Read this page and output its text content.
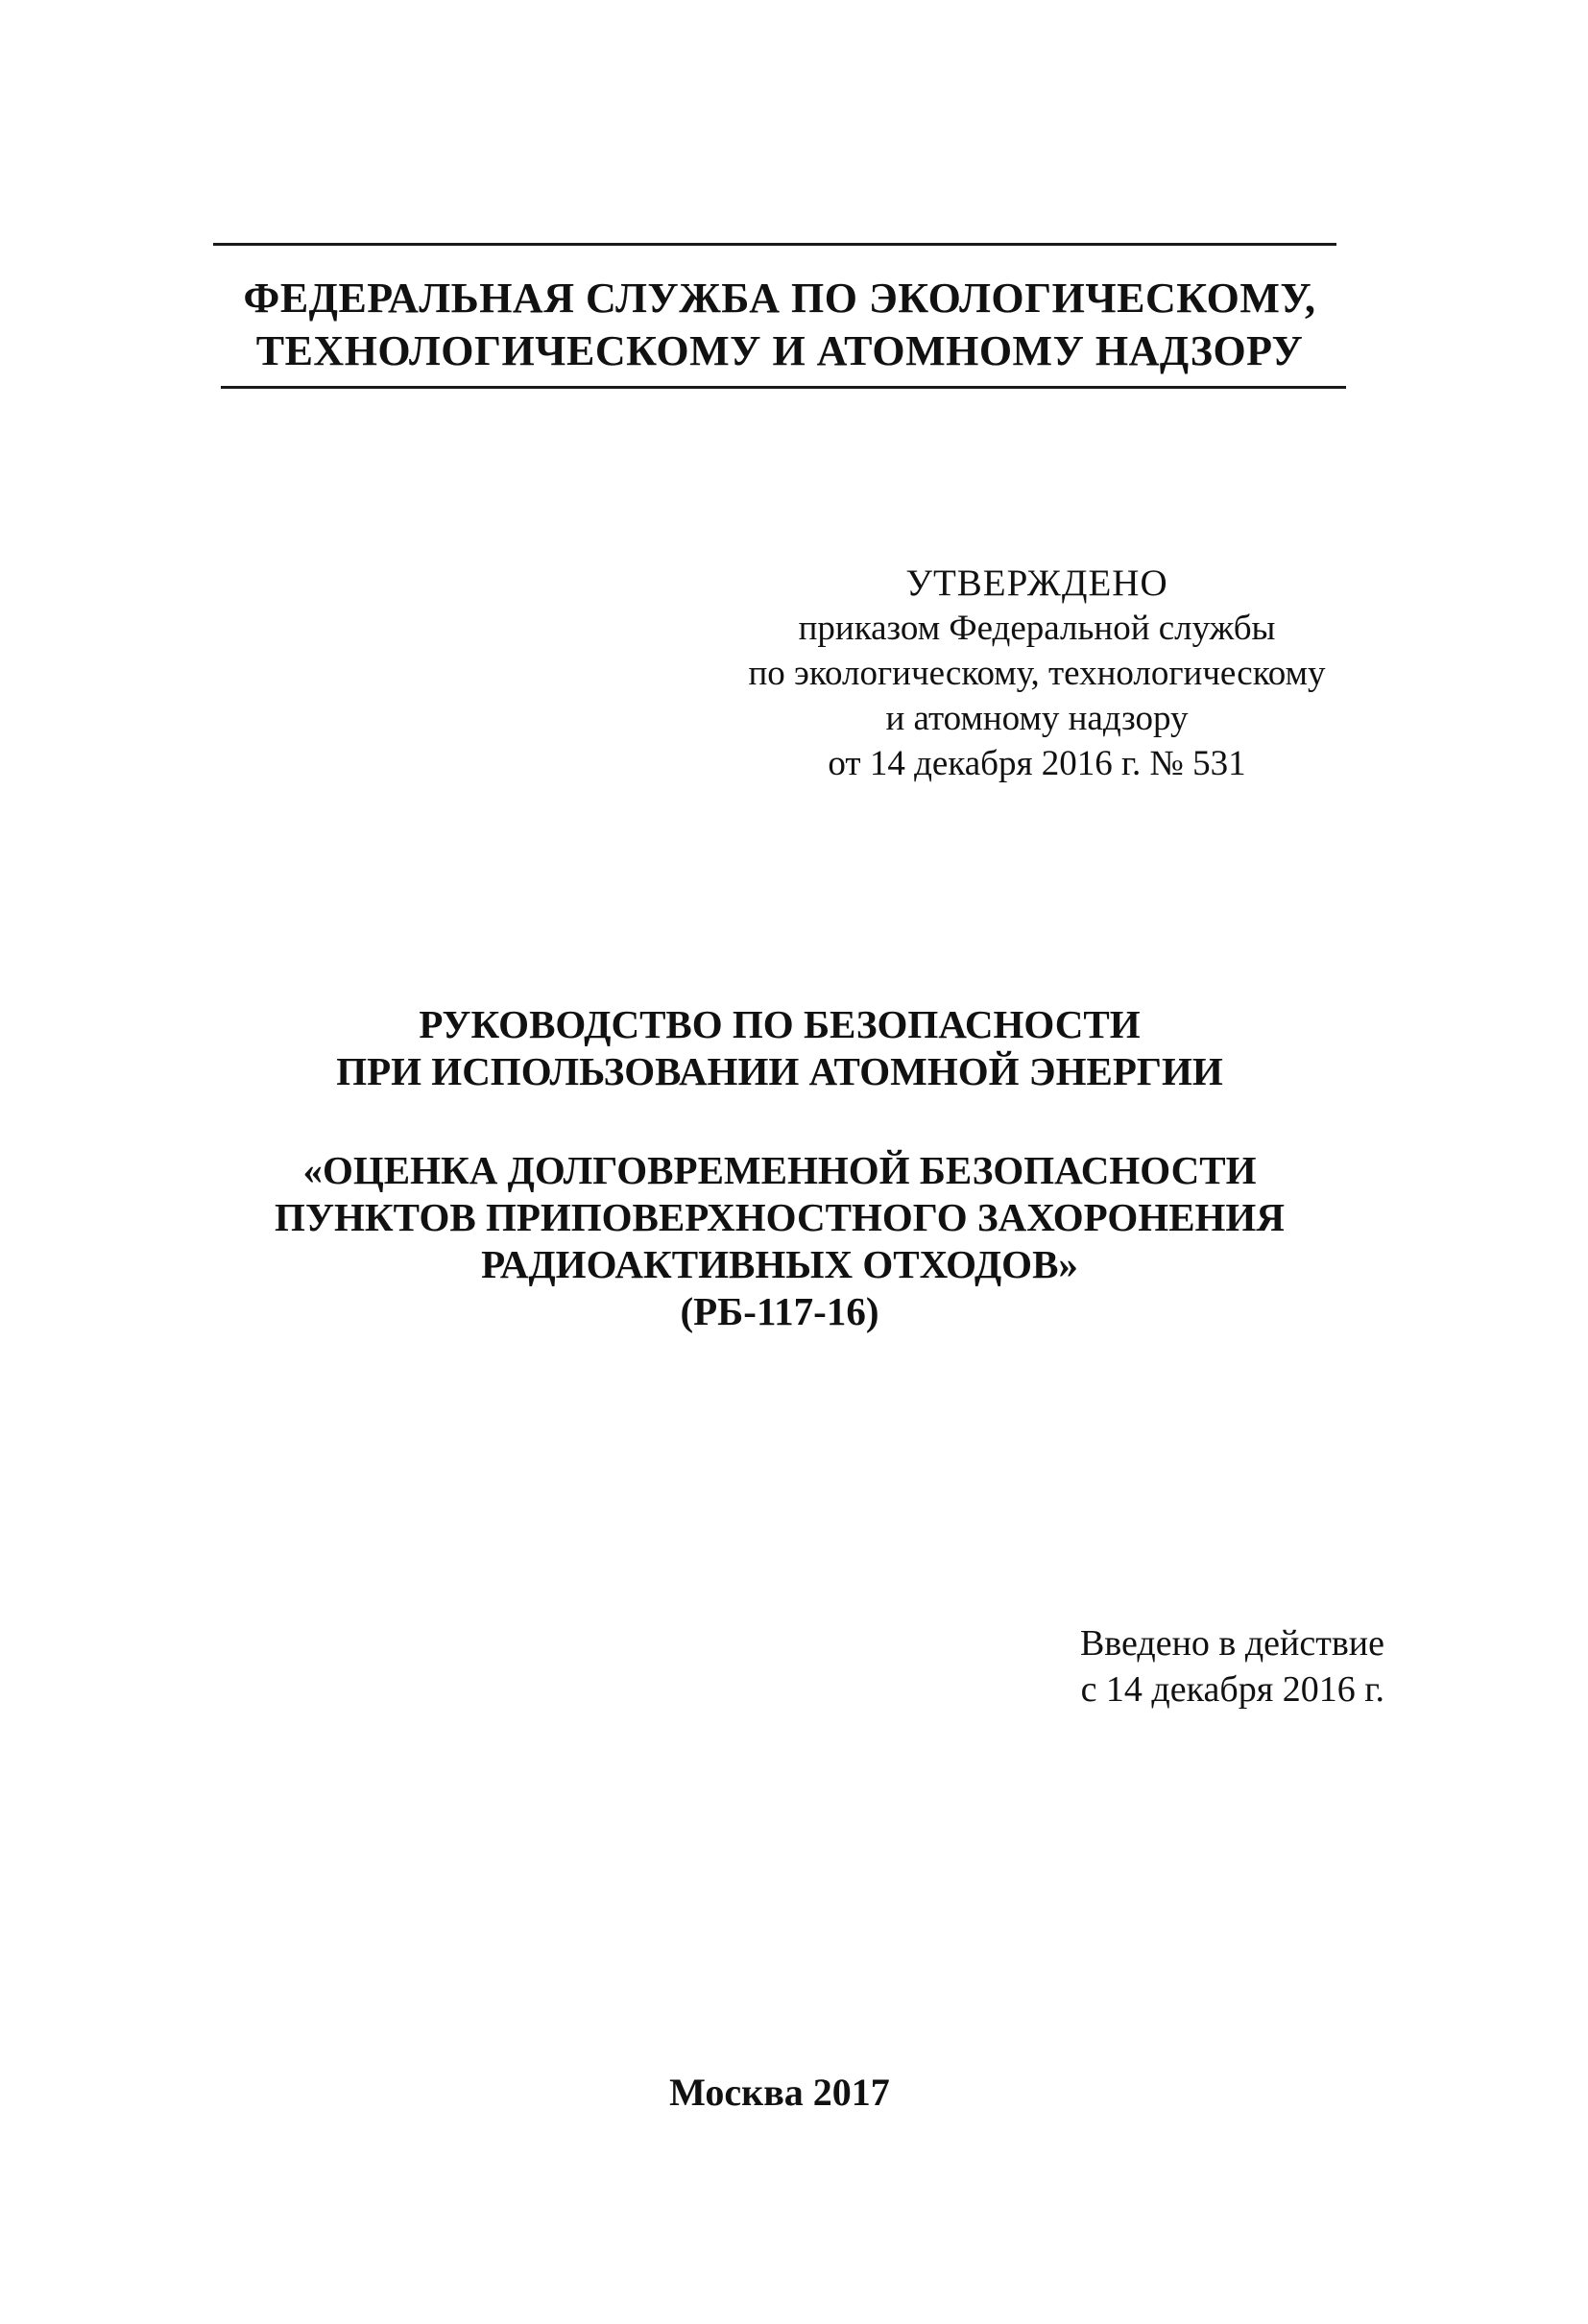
ФЕДЕРАЛЬНАЯ СЛУЖБА ПО ЭКОЛОГИЧЕСКОМУ,
ТЕХНОЛОГИЧЕСКОМУ И АТОМНОМУ НАДЗОРУ
УТВЕРЖДЕНО
приказом Федеральной службы
по экологическому, технологическому
и атомному надзору
от 14 декабря 2016 г. № 531
РУКОВОДСТВО ПО БЕЗОПАСНОСТИ
ПРИ ИСПОЛЬЗОВАНИИ АТОМНОЙ ЭНЕРГИИ
«ОЦЕНКА ДОЛГОВРЕМЕННОЙ БЕЗОПАСНОСТИ
ПУНКТОВ ПРИПОВЕРХНОСТНОГО ЗАХОРОНЕНИЯ
РАДИОАКТИВНЫХ ОТХОДОВ»
(РБ-117-16)
Введено в действие
с 14 декабря 2016 г.
Москва 2017
